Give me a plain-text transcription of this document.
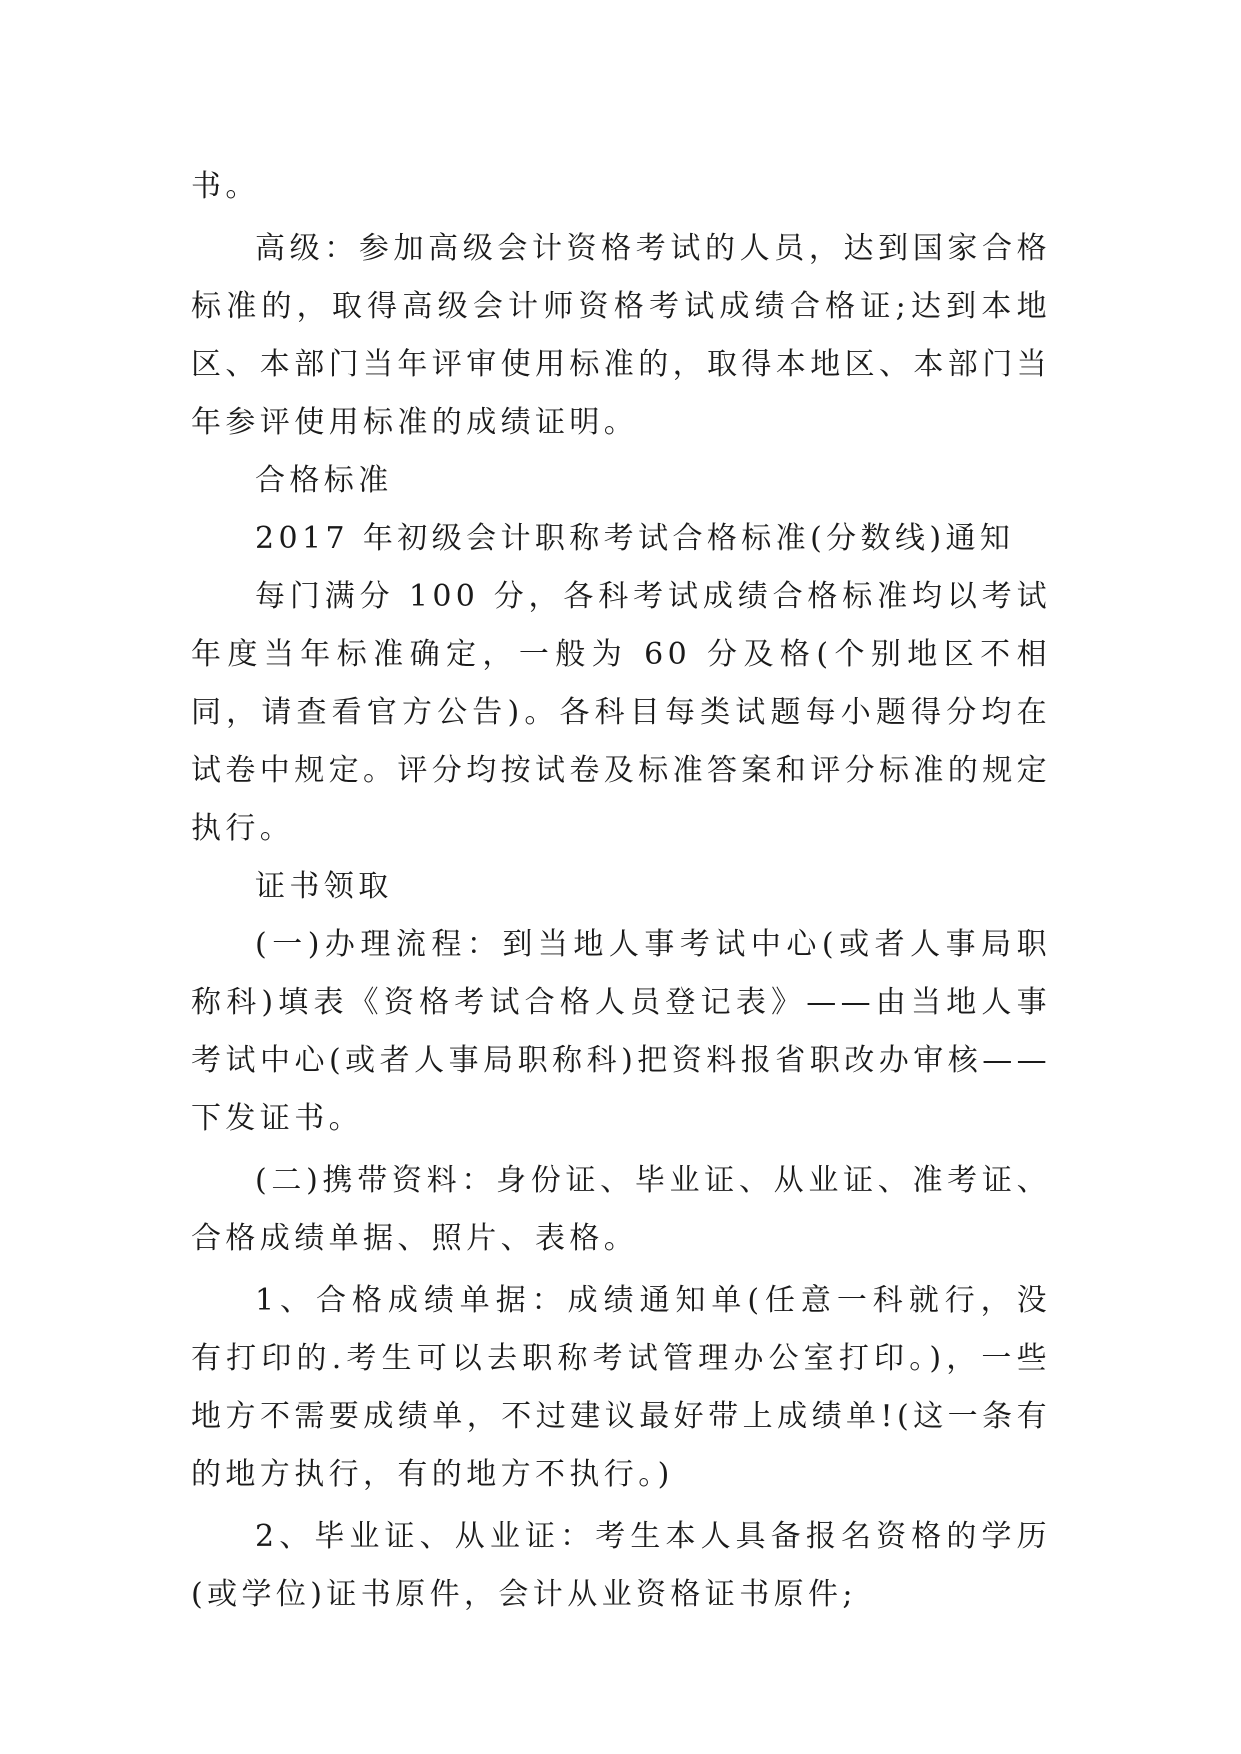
书。

高级：参加高级会计资格考试的人员，达到国家合格标准的，取得高级会计师资格考试成绩合格证;达到本地区、本部门当年评审使用标准的，取得本地区、本部门当年参评使用标准的成绩证明。

合格标准

2017 年初级会计职称考试合格标准(分数线)通知

每门满分 100 分，各科考试成绩合格标准均以考试年度当年标准确定，一般为 60 分及格(个别地区不相同，请查看官方公告)。各科目每类试题每小题得分均在试卷中规定。评分均按试卷及标准答案和评分标准的规定执行。

证书领取

(一)办理流程：到当地人事考试中心(或者人事局职称科)填表《资格考试合格人员登记表》——由当地人事考试中心(或者人事局职称科)把资料报省职改办审核——下发证书。

(二)携带资料：身份证、毕业证、从业证、准考证、合格成绩单据、照片、表格。

1、合格成绩单据：成绩通知单(任意一科就行，没有打印的.考生可以去职称考试管理办公室打印。)，一些地方不需要成绩单，不过建议最好带上成绩单!(这一条有的地方执行，有的地方不执行。)

2、毕业证、从业证：考生本人具备报名资格的学历(或学位)证书原件，会计从业资格证书原件;
